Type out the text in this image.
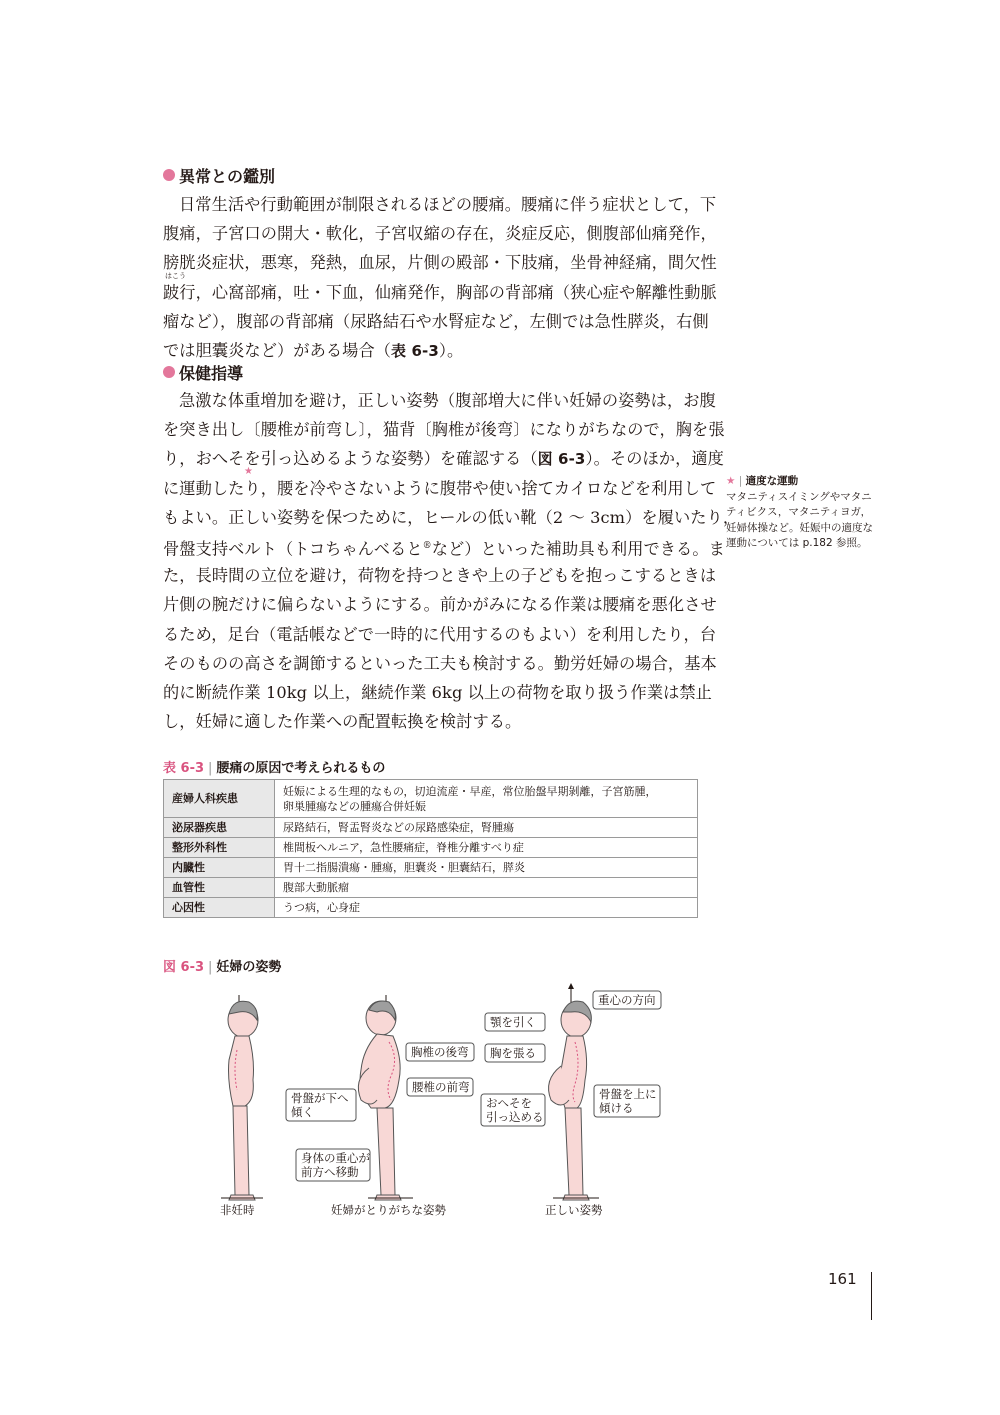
異常との鑑別
日常生活や行動範囲が制限されるほどの腰痛。腰痛に伴う症状として，下
腹痛，子宮口の開大・軟化，子宮収縮の存在，炎症反応，側腹部仙痛発作，
膀胱炎症状，悪寒，発熱，血尿，片側の殿部・下肢痛，坐骨神経痛，間欠性
跛行，心窩部痛，吐・下血，仙痛発作，胸部の背部痛（狭心症や解離性動脈
瘤など），腹部の背部痛（尿路結石や水腎症など，左側では急性膵炎，右側
では胆囊炎など）がある場合（表 6-3）。
はこう
保健指導
急激な体重増加を避け，正しい姿勢（腹部増大に伴い妊婦の姿勢は，お腹
を突き出し〔腰椎が前弯し〕，猫背〔胸椎が後弯〕になりがちなので，胸を張
り，おへそを引っ込めるような姿勢）を確認する（図 6-3）。そのほか，適度
に運動したり，腰を冷やさないように腹帯や使い捨てカイロなどを利用して
もよい。正しい姿勢を保つために，ヒールの低い靴（2 ～ 3cm）を履いたり，
骨盤支持ベルト（トコちゃんベると®など）といった補助具も利用できる。ま
た，長時間の立位を避け，荷物を持つときや上の子どもを抱っこするときは
片側の腕だけに偏らないようにする。前かがみになる作業は腰痛を悪化させ
るため，足台（電話帳などで一時的に代用するのもよい）を利用したり，台
そのものの高さを調節するといった工夫も検討する。勤労妊婦の場合，基本
的に断続作業 10kg 以上，継続作業 6kg 以上の荷物を取り扱う作業は禁止
し，妊婦に適した作業への配置転換を検討する。
★
★ | 適度な運動
マタニティスイミングやマタニ
ティビクス，マタニティヨガ，
妊婦体操など。妊娠中の適度な
運動については p.182 参照。
表 6-3 | 腰痛の原因で考えられるもの
産婦人科疾患	妊娠による生理的なもの，切迫流産・早産，常位胎盤早期剝離，子宮筋腫，
卵巣腫瘍などの腫瘍合併妊娠

泌尿器疾患	尿路結石，腎盂腎炎などの尿路感染症，腎腫瘍
整形外科性	椎間板ヘルニア，急性腰痛症，脊椎分離すべり症
内臓性	胃十二指腸潰瘍・腫瘍，胆囊炎・胆囊結石，膵炎
血管性	腹部大動脈瘤
心因性	うつ病，心身症
図 6-3 | 妊婦の姿勢
胸椎の後弯
腰椎の前弯
骨盤が下へ
傾く
身体の重心が
前方へ移動
重心の方向
顎を引く
胸を張る
おへそを
引っ込める
骨盤を上に
傾ける
非妊時	妊婦がとりがちな姿勢	正しい姿勢
161
